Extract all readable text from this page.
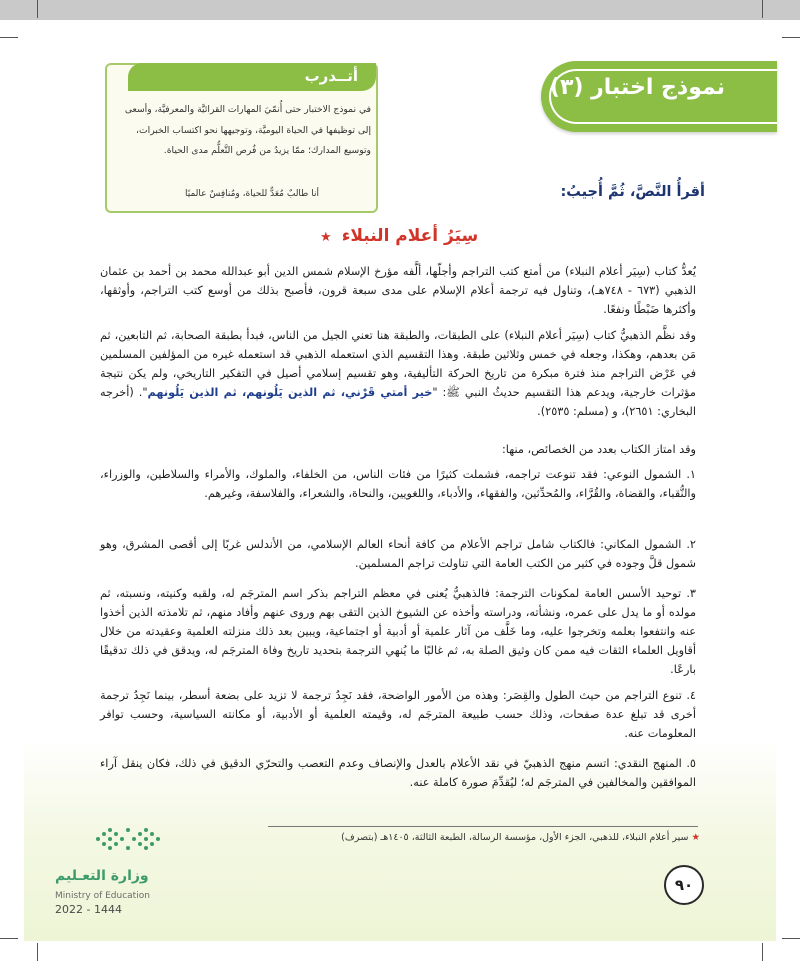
نموذج اختبار (٣)
أتــدرب
في نموذج الاختبار حتى أُنمّيَ المهارات القرائيَّة والمعرفيَّة، وأسعى
إلى توظيفها في الحياة اليوميَّة، وتوجيهها نحو اكتساب الخبرات،
وتوسيع المدارك؛ ممّا يزيدُ من فُرص التَّعلُّم مدى الحياة.
أنا طالبٌ مُعَدٌّ للحياة، ومُنافِسٌ عالميًا	أقرأُ النَّصَّ، ثُمَّ أُجيبُ:
★ سِيَرُ أعلام النبلاء
يُعدُّ كتاب (سِيَر أعلام النبلاء) من أمتع كتب التراجم وأجلّها، ألَّفه مؤرخ الإسلام شمس الدين أبو عبدالله محمد بن أحمد بن عثمان الذهبي (٦٧٣ - ٧٤٨هـ)، وتناول فيه ترجمة أعلام الإسلام على مدى سبعة قرون، فأصبح بذلك من أوسع كتب التراجم، وأوثقها، وأكثرها ضَبْطًا ونفعًا.
وقد نظَّم الذهبيُّ كتاب (سِيَر أعلام النبلاء) على الطبقات، والطبقة هنا تعني الجيل من الناس، فبدأ بطبقة الصحابة، ثم التابعين، ثم مَن بعدهم، وهكذا، وجعله في خمس وثلاثين طبقة. وهذا التقسيم الذي استعمله الذهبي قد استعمله غيره من المؤلفين المسلمين في عَرْض التراجم منذ فترة مبكرة من تاريخ الحركة التأليفية، وهو تقسيم إسلامي أصيل في التفكير التاريخي، ولم يكن نتيجة مؤثرات خارجية، ويدعم هذا التقسيم حديثُ النبي ﷺ: "خير أمتي قَرْني، ثم الذين يَلُونهم، ثم الذين يَلُونهم". (أخرجه البخاري: ٢٦٥١)، و (مسلم: ٢٥٣٥).
وقد امتاز الكتاب بعدد من الخصائص، منها:
١. الشمول النوعي: فقد تنوعت تراجمه، فشملت كثيرًا من فئات الناس، من الخلفاء، والملوك، والأمراء والسلاطين، والوزراء، والنُّقباء، والقضاة، والقُرَّاء، والمُحدِّثين، والفقهاء، والأدباء، واللغويين، والنحاة، والشعراء، والفلاسفة، وغيرهم.
٢. الشمول المكاني: فالكتاب شامل تراجم الأعلام من كافة أنحاء العالم الإسلامي، من الأندلس غربًا إلى أقصى المشرق، وهو شمول قلَّ وجوده في كثير من الكتب العامة التي تناولت تراجم المسلمين.
٣. توحيد الأسس العامة لمكونات الترجمة: فالذهبيُّ يُعنى في معظم التراجم بذكر اسم المترجَم له، ولقبه وكنيته، ونسبته، ثم مولده أو ما يدل على عمره، ونشأته، ودراسته وأخذه عن الشيوخ الذين التقى بهم وروى عنهم وأفاد منهم، ثم تلامذته الذين أخذوا عنه وانتفعوا بعلمه وتخرجوا عليه، وما خَلَّف من آثار علمية أو أدبية أو اجتماعية، ويبين بعد ذلك منزلته العلمية وعقيدته من خلال أقاويل العلماء الثقات فيه ممن كان وثيق الصلة به، ثم غالبًا ما يُنهي الترجمة بتحديد تاريخ وفاة المترجَم له، ويدقق في ذلك تدقيقًا بارعًا.
٤. تنوع التراجم من حيث الطول والقِصَر: وهذه من الأمور الواضحة، فقد نَجِدُ ترجمة لا تزيد على بضعة أسطر، بينما نَجِدُ ترجمة أخرى قد تبلغ عدة صفحات، وذلك حسب طبيعة المترجَم له، وقيمته العلمية أو الأدبية، أو مكانته السياسية، وحسب توافر المعلومات عنه.
٥. المنهج النقدي: اتسم منهج الذهبيّ في نقد الأعلام بالعدل والإنصاف وعدم التعصب والتحرّي الدقيق في ذلك، فكان ينقل آراء الموافقين والمخالفين في المترجَم له؛ ليُقدِّمَ صورة كاملة عنه.
★ سير أعلام النبلاء، للذهبي، الجزء الأول، مؤسسة الرسالة، الطبعة الثالثة، ١٤٠٥هـ (بتصرف)
وزارة التعـليم
Ministry of Education
2022 - 1444
٩٠
